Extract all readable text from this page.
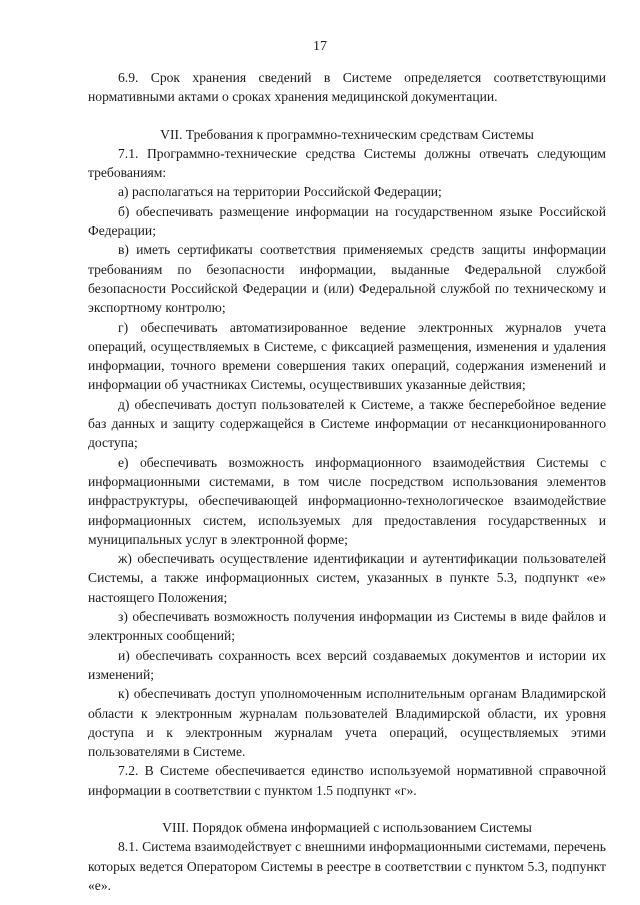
17

6.9. Срок хранения сведений в Системе определяется соответствующими нормативными актами о сроках хранения медицинской документации.

VII. Требования к программно-техническим средствам Системы

7.1. Программно-технические средства Системы должны отвечать следующим требованиям:

а) располагаться на территории Российской Федерации;

б) обеспечивать размещение информации на государственном языке Российской Федерации;

в) иметь сертификаты соответствия применяемых средств защиты информации требованиям по безопасности информации, выданные Федеральной службой безопасности Российской Федерации и (или) Федеральной службой по техническому и экспортному контролю;

г) обеспечивать автоматизированное ведение электронных журналов учета операций, осуществляемых в Системе, с фиксацией размещения, изменения и удаления информации, точного времени совершения таких операций, содержания изменений и информации об участниках Системы, осуществивших указанные действия;

д) обеспечивать доступ пользователей к Системе, а также бесперебойное ведение баз данных и защиту содержащейся в Системе информации от несанкционированного доступа;

е) обеспечивать возможность информационного взаимодействия Системы с информационными системами, в том числе посредством использования элементов инфраструктуры, обеспечивающей информационно-технологическое взаимодействие информационных систем, используемых для предоставления государственных и муниципальных услуг в электронной форме;

ж) обеспечивать осуществление идентификации и аутентификации пользователей Системы, а также информационных систем, указанных в пункте 5.3, подпункт «е» настоящего Положения;

з) обеспечивать возможность получения информации из Системы в виде файлов и электронных сообщений;

и) обеспечивать сохранность всех версий создаваемых документов и истории их изменений;

к) обеспечивать доступ уполномоченным исполнительным органам Владимирской области к электронным журналам пользователей Владимирской области, их уровня доступа и к электронным журналам учета операций, осуществляемых этими пользователями в Системе.

7.2. В Системе обеспечивается единство используемой нормативной справочной информации в соответствии с пунктом 1.5 подпункт «г».

VIII. Порядок обмена информацией с использованием Системы

8.1. Система взаимодействует с внешними информационными системами, перечень которых ведется Оператором Системы в реестре в соответствии с пунктом 5.3, подпункт «е».
